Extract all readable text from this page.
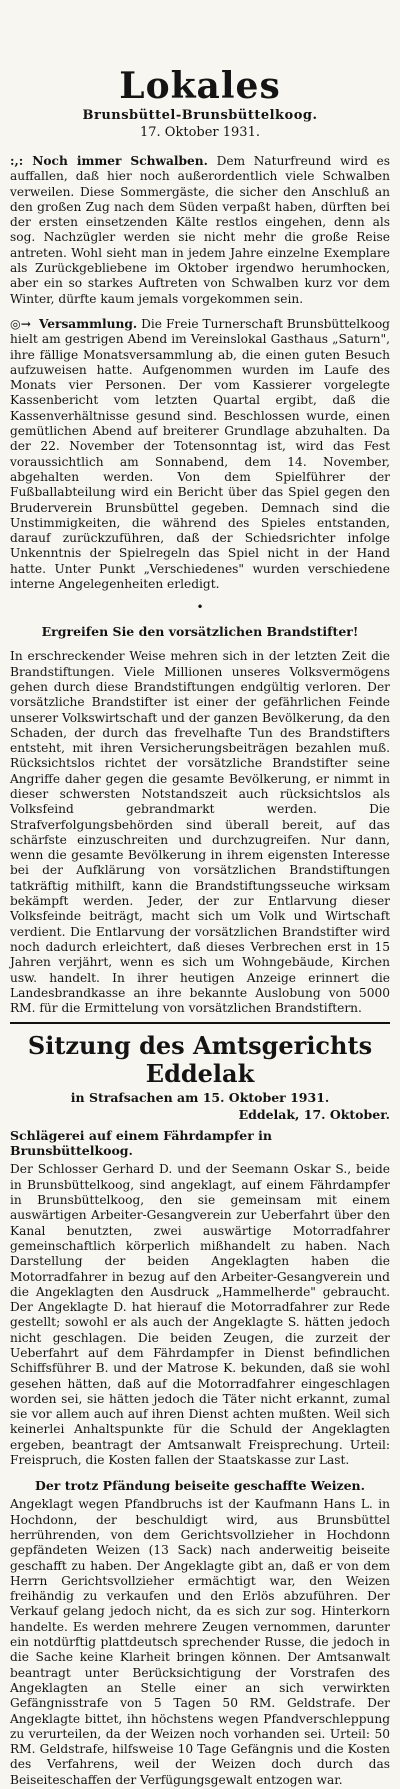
Lokales
Brunsbüttel-Brunsbüttelkoog.
17. Oktober 1931.

:,: Noch immer Schwalben. Dem Naturfreund wird es auffallen, daß hier noch außerordentlich viele Schwalben verweilen. Diese Sommergäste, die sicher den Anschluß an den großen Zug nach dem Süden verpaßt haben, dürften bei der ersten einsetzenden Kälte restlos eingehen, denn als sog. Nachzügler werden sie nicht mehr die große Reise antreten. Wohl sieht man in jedem Jahre einzelne Exemplare als Zurückgebliebene im Oktober irgendwo herumhocken, aber ein so starkes Auftreten von Schwalben kurz vor dem Winter, dürfte kaum jemals vorgekommen sein.

◎→ Versammlung. Die Freie Turnerschaft Brunsbüttelkoog hielt am gestrigen Abend im Vereinslokal Gasthaus „Saturn", ihre fällige Monatsversammlung ab, die einen guten Besuch aufzuweisen hatte. Aufgenommen wurden im Laufe des Monats vier Personen. Der vom Kassierer vorgelegte Kassenbericht vom letzten Quartal ergibt, daß die Kassenverhältnisse gesund sind. Beschlossen wurde, einen gemütlichen Abend auf breiterer Grundlage abzuhalten. Da der 22. November der Totensonntag ist, wird das Fest voraussichtlich am Sonnabend, dem 14. November, abgehalten werden. Von dem Spielführer der Fußballabteilung wird ein Bericht über das Spiel gegen den Bruderverein Brunsbüttel gegeben. Demnach sind die Unstimmigkeiten, die während des Spieles entstanden, darauf zurückzuführen, daß der Schiedsrichter infolge Unkenntnis der Spielregeln das Spiel nicht in der Hand hatte. Unter Punkt „Verschiedenes" wurden verschiedene interne Angelegenheiten erledigt.

•
Ergreifen Sie den vorsätzlichen Brandstifter!

In erschreckender Weise mehren sich in der letzten Zeit die Brandstiftungen. Viele Millionen unseres Volksvermögens gehen durch diese Brandstiftungen endgültig verloren. Der vorsätzliche Brandstifter ist einer der gefährlichen Feinde unserer Volkswirtschaft und der ganzen Bevölkerung, da den Schaden, der durch das frevelhafte Tun des Brandstifters entsteht, mit ihren Versicherungsbeiträgen bezahlen muß. Rücksichtslos richtet der vorsätzliche Brandstifter seine Angriffe daher gegen die gesamte Bevölkerung, er nimmt in dieser schwersten Notstandszeit auch rücksichtslos als Volksfeind gebrandmarkt werden. Die Strafverfolgungsbehörden sind überall bereit, auf das schärfste einzuschreiten und durchzugreifen. Nur dann, wenn die gesamte Bevölkerung in ihrem eigensten Interesse bei der Aufklärung von vorsätzlichen Brandstiftungen tatkräftig mithilft, kann die Brandstiftungsseuche wirksam bekämpft werden. Jeder, der zur Entlarvung dieser Volksfeinde beiträgt, macht sich um Volk und Wirtschaft verdient. Die Entlarvung der vorsätzlichen Brandstifter wird noch dadurch erleichtert, daß dieses Verbrechen erst in 15 Jahren verjährt, wenn es sich um Wohngebäude, Kirchen usw. handelt. In ihrer heutigen Anzeige erinnert die Landesbrandkasse an ihre bekannte Auslobung von 5000 RM. für die Ermittelung von vorsätzlichen Brandstiftern.

Sitzung des Amtsgerichts Eddelak
in Strafsachen am 15. Oktober 1931.
Eddelak, 17. Oktober.
Schlägerei auf einem Fährdampfer in Brunsbüttelkoog.

Der Schlosser Gerhard D. und der Seemann Oskar S., beide in Brunsbüttelkoog, sind angeklagt, auf einem Fährdampfer in Brunsbüttelkoog, den sie gemeinsam mit einem auswärtigen Arbeiter-Gesangverein zur Ueberfahrt über den Kanal benutzten, zwei auswärtige Motorradfahrer gemeinschaftlich körperlich mißhandelt zu haben. Nach Darstellung der beiden Angeklagten haben die Motorradfahrer in bezug auf den Arbeiter-Gesangverein und die Angeklagten den Ausdruck „Hammelherde" gebraucht. Der Angeklagte D. hat hierauf die Motorradfahrer zur Rede gestellt; sowohl er als auch der Angeklagte S. hätten jedoch nicht geschlagen. Die beiden Zeugen, die zurzeit der Ueberfahrt auf dem Fährdampfer in Dienst befindlichen Schiffsführer B. und der Matrose K. bekunden, daß sie wohl gesehen hätten, daß auf die Motorradfahrer eingeschlagen worden sei, sie hätten jedoch die Täter nicht erkannt, zumal sie vor allem auch auf ihren Dienst achten mußten. Weil sich keinerlei Anhaltspunkte für die Schuld der Angeklagten ergeben, beantragt der Amtsanwalt Freisprechung. Urteil: Freispruch, die Kosten fallen der Staatskasse zur Last.

Der trotz Pfändung beiseite geschaffte Weizen.

Angeklagt wegen Pfandbruchs ist der Kaufmann Hans L. in Hochdonn, der beschuldigt wird, aus Brunsbüttel herrührenden, von dem Gerichtsvollzieher in Hochdonn gepfändeten Weizen (13 Sack) nach anderweitig beiseite geschafft zu haben. Der Angeklagte gibt an, daß er von dem Herrn Gerichtsvollzieher ermächtigt war, den Weizen freihändig zu verkaufen und den Erlös abzuführen. Der Verkauf gelang jedoch nicht, da es sich zur sog. Hinterkorn handelte. Es werden mehrere Zeugen vernommen, darunter ein notdürftig plattdeutsch sprechender Russe, die jedoch in die Sache keine Klarheit bringen können. Der Amtsanwalt beantragt unter Berücksichtigung der Vorstrafen des Angeklagten an Stelle einer an sich verwirkten Gefängnisstrafe von 5 Tagen 50 RM. Geldstrafe. Der Angeklagte bittet, ihn höchstens wegen Pfandverschleppung zu verurteilen, da der Weizen noch vorhanden sei. Urteil: 50 RM. Geldstrafe, hilfsweise 10 Tage Gefängnis und die Kosten des Verfahrens, weil der Weizen doch durch das Beiseiteschaffen der Verfügungsgewalt entzogen war.
